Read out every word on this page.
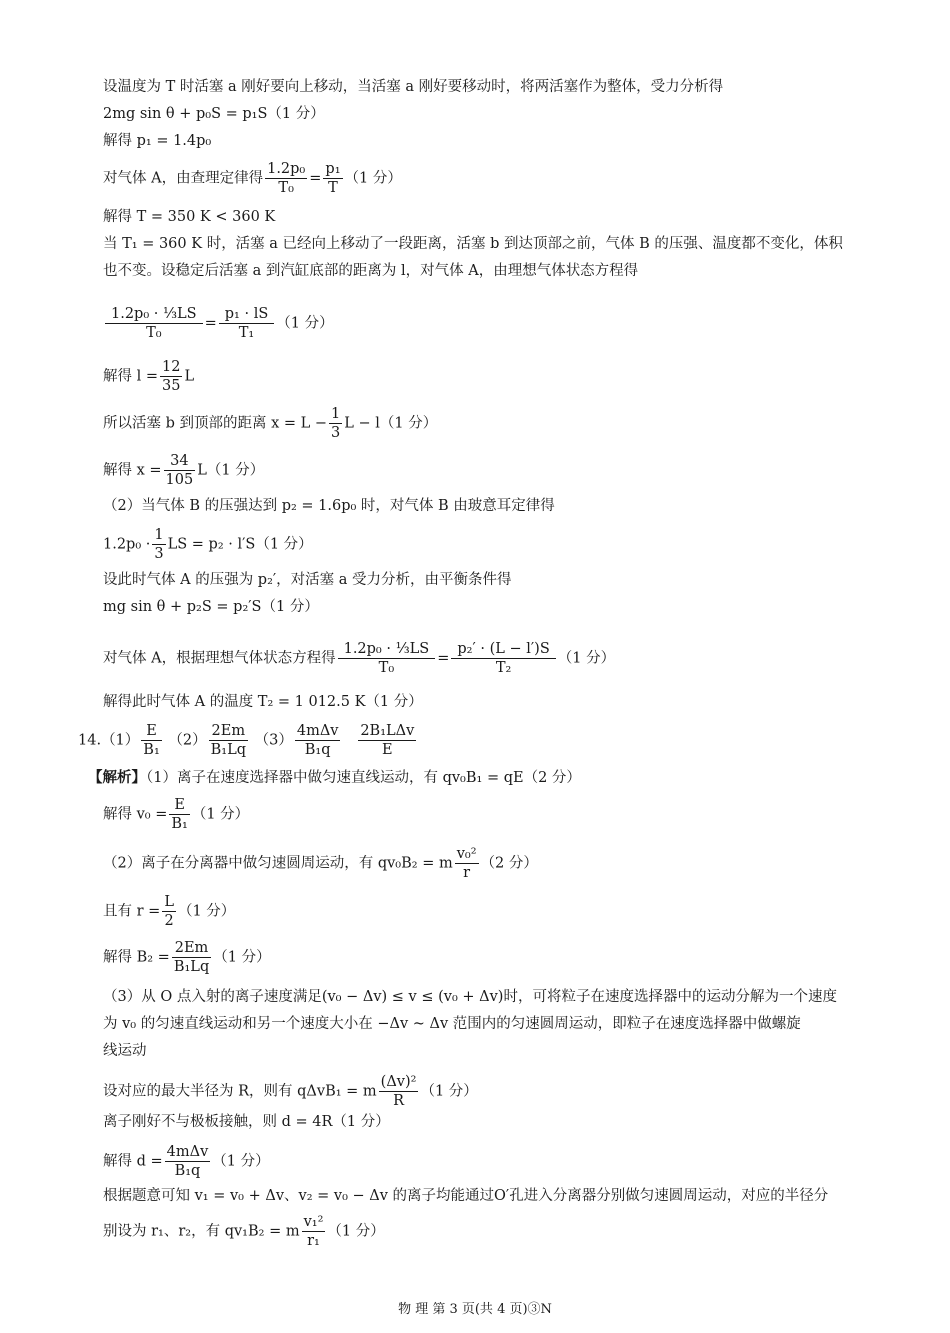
设温度为 T 时活塞 a 刚好要向上移动，当活塞 a 刚好要移动时，将两活塞作为整体，受力分析得
2mg sin θ + p₀S = p₁S（1 分）
解得 p₁ = 1.4p₀
对气体 A，由查理定律得 $\frac{\text{1.2p₀}}{\text{T₀}} = \frac{\text{p₁}}{T} (1$ 分）
解得 T = 350 K < 360 K
当 T₁ = 360 K 时，活塞 a 已经向上移动了一段距离，活塞 b 到达顶部之前，气体 B 的压强、温度都不变化，体积
也不变。设稳定后活塞 a 到汽缸底部的距离为 l，对气体 A，由理想气体状态方程得
$\frac{\text{1.2p₀ · ⅓LS}}{\text{T₀}} = \frac{\text{p₁ · lS}}{\text{T₁}} (1$ 分）
解得 $l = \frac{12}{35}$ L
所以活塞 b 到顶部的距离 $x = L - \frac{1}{3}$ L − l（1 分）
解得 $x = \frac{34}{105} L(1$ 分）
（2）当气体 B 的压强达到 p₂ = 1.6p₀ 时，对气体 B 由玻意耳定律得
$1.2p_0 \cdot \frac{1}{3}$ LS = p₂ · l′S（1 分）
设此时气体 A 的压强为 p₂′，对活塞 a 受力分析，由平衡条件得
mg sin θ + p₂S = p₂′S（1 分）
对气体 A，根据理想气体状态方程得 $\frac{\text{1.2p₀ · ⅓LS}}{\text{T₀}} = \frac{\text{p₂′ · (L − l′)S}}{\text{T₂}} (1$ 分）
解得此时气体 A 的温度 T₂ = 1 012.5 K（1 分）
$14.(1) \frac{E}{\text{B₁}} (2) \frac{2Em}{\text{B₁Lq}} (3) \frac{\text{4mΔv}}{\text{B₁q}}$
$\frac{\text{2B₁LΔv}}{E}$
【解析】（1）离子在速度选择器中做匀速直线运动，有 qv₀B₁ = qE（2 分）
解得 $v_0 = \frac{E}{\text{B₁}} (1$ 分）
（2）离子在分离器中做匀速圆周运动，有 qv₀B₂ = m $\frac{\text{v₀²}}{r} (2$ 分）
且有 $r = \frac{L}{2} (1$ 分）
解得 $B_2 = \frac{2Em}{\text{B₁Lq}} (1$ 分）
（3）从 O 点入射的离子速度满足(v₀ − Δv) ≤ v ≤ (v₀ + Δv)时，可将粒子在速度选择器中的运动分解为一个速度
为 v₀ 的匀速直线运动和另一个速度大小在 −Δv ~ Δv 范围内的匀速圆周运动，即粒子在速度选择器中做螺旋
线运动
设对应的最大半径为 R，则有 qΔvB₁ = m $\frac{\text{(Δv)²}}{R} (1$ 分）
离子刚好不与极板接触，则 d = 4R（1 分）
解得 $d = \frac{\text{4mΔv}}{\text{B₁q}} (1$ 分）
根据题意可知 v₁ = v₀ + Δv、v₂ = v₀ − Δv 的离子均能通过O′孔进入分离器分别做匀速圆周运动，对应的半径分
别设为 r₁、r₂，有 qv₁B₂ = m $\frac{\text{v₁²}}{\text{r₁}} (1$ 分）
物 理 第 3 页(共 4 页)③N
